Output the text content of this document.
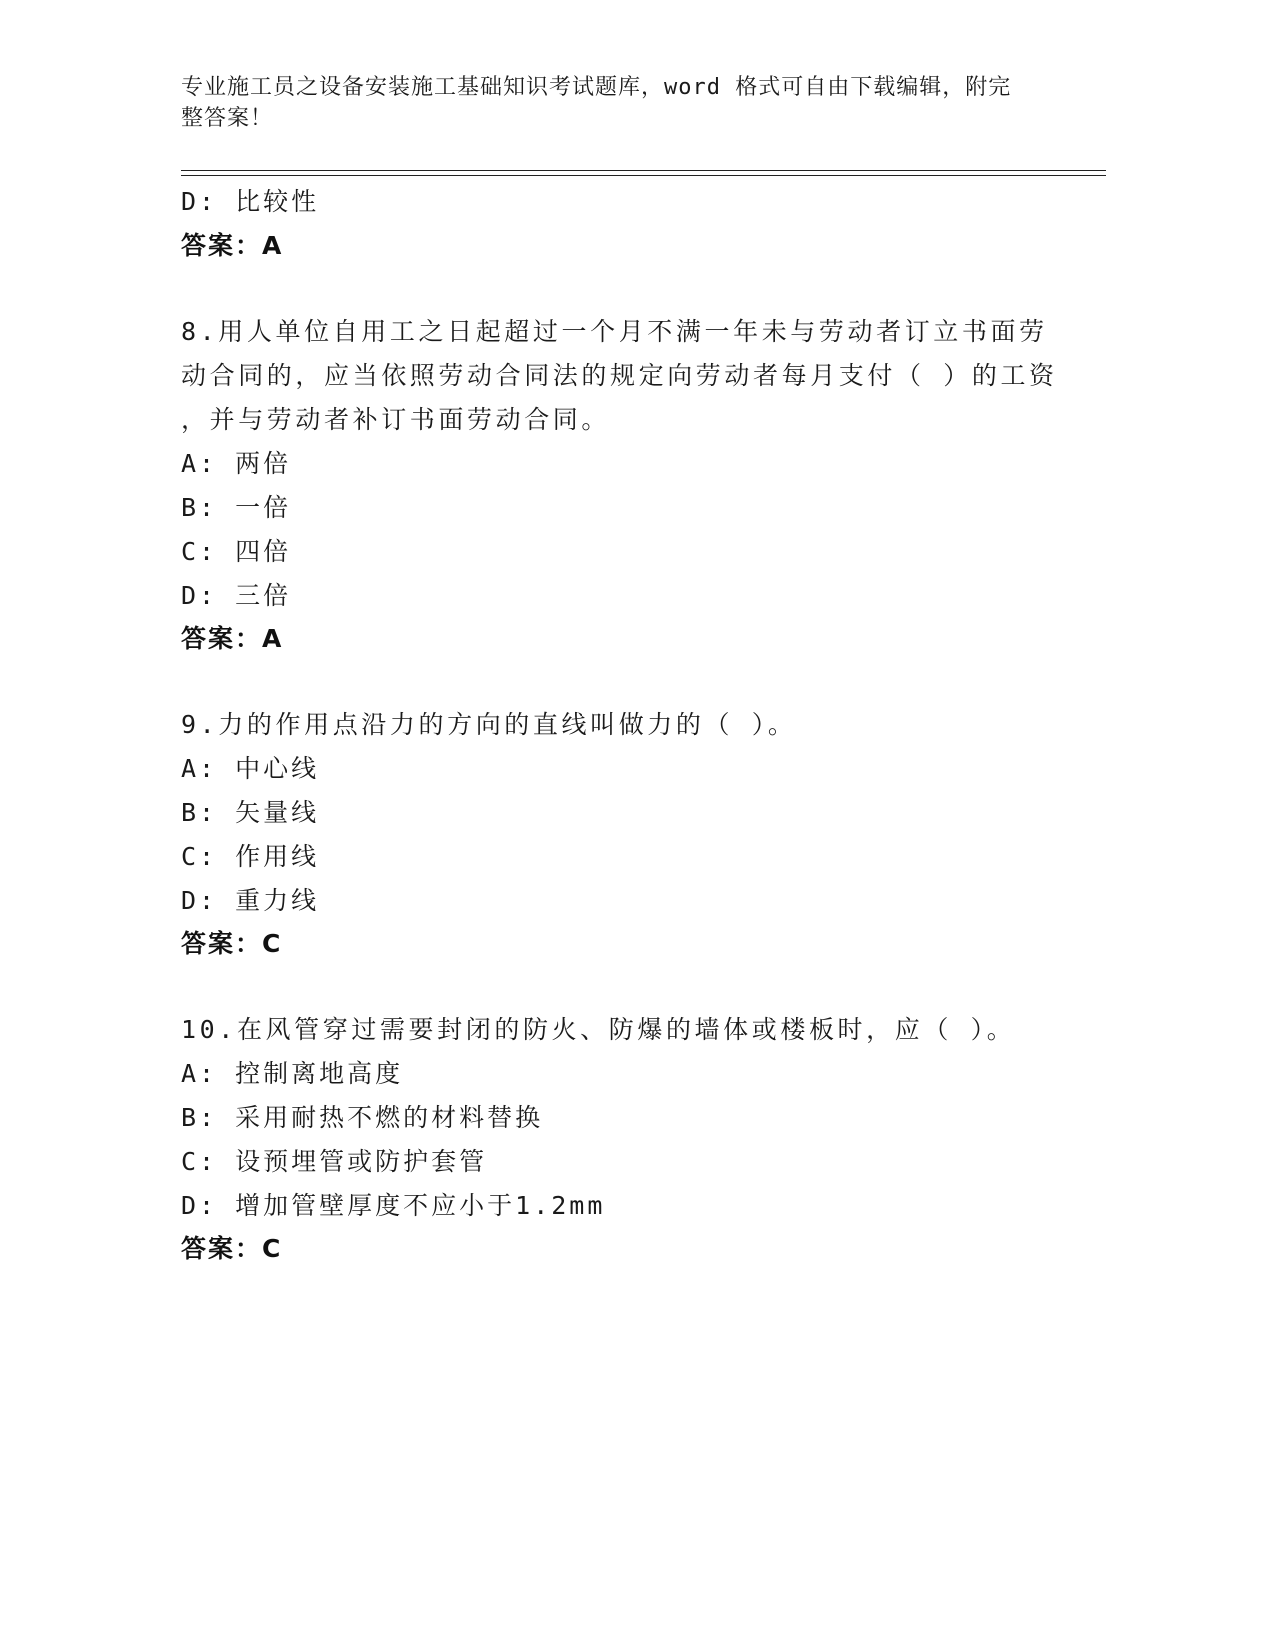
专业施工员之设备安装施工基础知识考试题库，word 格式可自由下载编辑，附完
整答案！
D: 比较性
答案：A
8.用人单位自用工之日起超过一个月不满一年未与劳动者订立书面劳
动合同的，应当依照劳动合同法的规定向劳动者每月支付（ ）的工资
，并与劳动者补订书面劳动合同。
A: 两倍
B: 一倍
C: 四倍
D: 三倍
答案：A
9.力的作用点沿力的方向的直线叫做力的（ ）。
A: 中心线
B: 矢量线
C: 作用线
D: 重力线
答案：C
10.在风管穿过需要封闭的防火、防爆的墙体或楼板时，应（ ）。
A: 控制离地高度
B: 采用耐热不燃的材料替换
C: 设预埋管或防护套管
D: 增加管壁厚度不应小于1.2mm
答案：C
